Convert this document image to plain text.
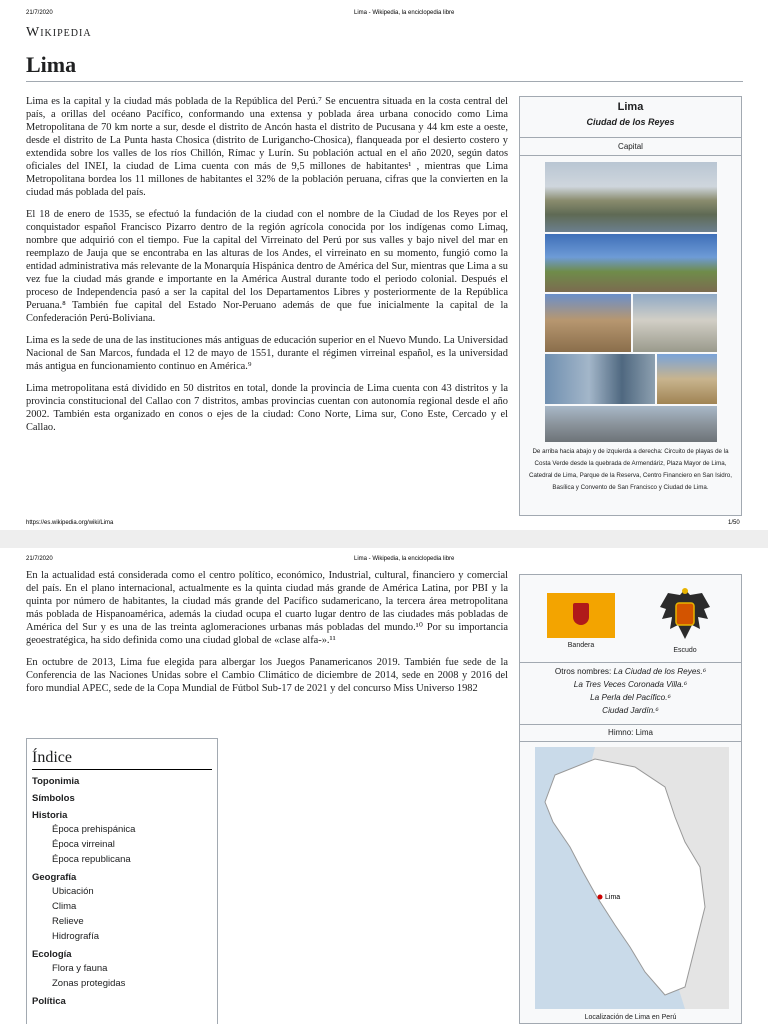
21/7/2020	Lima - Wikipedia, la enciclopedia libre
Wikipedia
Lima

Lima es la capital y la ciudad más poblada de la República del Perú.⁷ Se encuentra situada en la costa central del país, a orillas del océano Pacífico, conformando una extensa y poblada área urbana conocido como Lima Metropolitana de 70 km norte a sur, desde el distrito de Ancón hasta el distrito de Pucusana y 44 km este a oeste, desde el distrito de La Punta hasta Chosica (distrito de Lurigancho-Chosica), flanqueada por el desierto costero y extendida sobre los valles de los ríos Chillón, Rímac y Lurín. Su población actual en el año 2020, según datos oficiales del INEI, la ciudad de Lima cuenta con más de 9,5 millones de habitantes¹ , mientras que Lima Metropolitana bordea los 11 millones de habitantes el 32% de la población peruana, cifras que la convierten en la ciudad más poblada del país.

El 18 de enero de 1535, se efectuó la fundación de la ciudad con el nombre de la Ciudad de los Reyes por el conquistador español Francisco Pizarro dentro de la región agrícola conocida por los indígenas como Limaq, nombre que adquirió con el tiempo. Fue la capital del Virreinato del Perú por sus valles y bajo nivel del mar en reemplazo de Jauja que se encontraba en las alturas de los Andes, el virreinato en su momento, fungió como la entidad administrativa más relevante de la Monarquía Hispánica dentro de América del Sur, mientras que Lima a su vez fue la ciudad más grande e importante en la América Austral durante todo el periodo colonial. Después el proceso de Independencia pasó a ser la capital del los Departamentos Libres y posteriormente de la República Peruana.⁸ También fue capital del Estado Nor-Peruano además de que fue inicialmente la capital de la Confederación Perú-Boliviana.

Lima es la sede de una de las instituciones más antiguas de educación superior en el Nuevo Mundo. La Universidad Nacional de San Marcos, fundada el 12 de mayo de 1551, durante el régimen virreinal español, es la universidad más antigua en funcionamiento continuo en América.⁹

Lima metropolitana está dividido en 50 distritos en total, donde la provincia de Lima cuenta con 43 distritos y la provincia constitucional del Callao con 7 distritos, ambas provincias cuentan con autonomía regional desde el año 2002. También esta organizado en conos o ejes de la ciudad: Cono Norte, Lima sur, Cono Este, Cercado y el Callao.

Lima
Ciudad de los Reyes
Capital
De arriba hacia abajo y de izquierda a derecha: Circuito de playas de la Costa Verde desde la quebrada de Armendáriz, Plaza Mayor de Lima, Catedral de Lima, Parque de la Reserva, Centro Financiero en San Isidro, Basílica y Convento de San Francisco y Ciudad de Lima.
https://es.wikipedia.org/wiki/Lima	1/50
21/7/2020	Lima - Wikipedia, la enciclopedia libre

En la actualidad está considerada como el centro político, económico, Industrial, cultural, financiero y comercial del país. En el plano internacional, actualmente es la quinta ciudad más grande de América Latina, por PBI y la quinta por número de habitantes, la ciudad más grande del Pacífico sudamericano, la tercera área metropolitana más poblada de Hispanoamérica, además la ciudad ocupa el cuarto lugar dentro de las ciudades más pobladas de América del Sur y es una de las treinta aglomeraciones urbanas más pobladas del mundo.¹⁰ Por su importancia geoestratégica, ha sido definida como una ciudad global de «clase alfa-».¹¹

En octubre de 2013, Lima fue elegida para albergar los Juegos Panamericanos 2019. También fue sede de la Conferencia de las Naciones Unidas sobre el Cambio Climático de diciembre de 2014, sede en 2008 y 2016 del foro mundial APEC, sede de la Copa Mundial de Fútbol Sub-17 de 2021 y del concurso Miss Universo 1982

Índice
Toponimia
Símbolos
Historia
Época prehispánica
Época virreinal
Época republicana
Geografía
Ubicación
Clima
Relieve
Hidrografía
Ecología
Flora y fauna
Zonas protegidas
Política
Bandera
Escudo
Otros nombres: La Ciudad de los Reyes.⁶
La Tres Veces Coronada Villa.⁶
La Perla del Pacífico.⁶
Ciudad Jardín.⁶
Himno: Lima
Lima
Localización de Lima en Perú
